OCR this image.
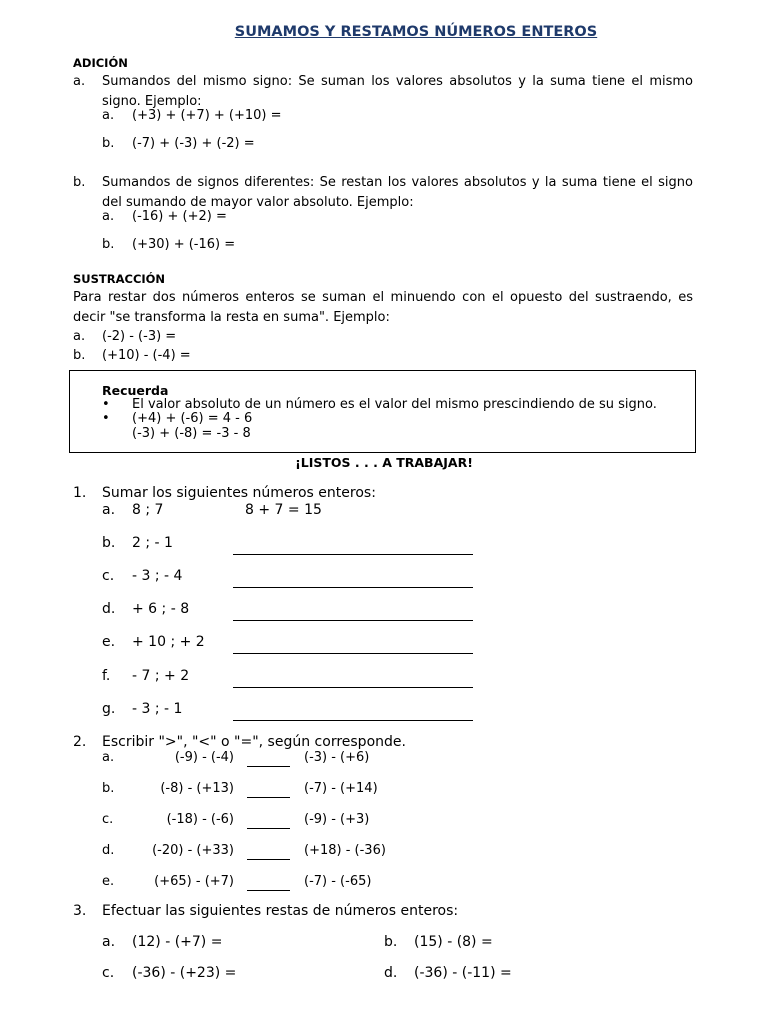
SUMAMOS Y RESTAMOS NÚMEROS ENTEROS
ADICIÓN
a. Sumandos del mismo signo: Se suman los valores absolutos y la suma tiene el mismo signo. Ejemplo:
a. (+3) + (+7) + (+10) =
b. (-7) + (-3) + (-2) =
b. Sumandos de signos diferentes: Se restan los valores absolutos y la suma tiene el signo del sumando de mayor valor absoluto. Ejemplo:
a. (-16) + (+2) =
b. (+30) + (-16) =
SUSTRACCIÓN
Para restar dos números enteros se suman el minuendo con el opuesto del sustraendo, es decir "se transforma la resta en suma". Ejemplo:
a. (-2) - (-3) =
b. (+10) - (-4) =
Recuerda
• El valor absoluto de un número es el valor del mismo prescindiendo de su signo.
• (+4) + (-6) = 4 - 6
(-3) + (-8) = -3 - 8
¡LISTOS . . . A TRABAJAR!
1. Sumar los siguientes números enteros:
a. 8 ; 7	8 + 7 = 15
b. 2 ; - 1
c. - 3 ; - 4
d. + 6 ; - 8
e. + 10 ; + 2
f. - 7 ; + 2
g. - 3 ; - 1
2. Escribir ">", "<" o "=", según corresponde.
a.	(-9) - (-4)	(-3) - (+6)
b.	(-8) - (+13)	(-7) - (+14)
c.	(-18) - (-6)	(-9) - (+3)
d.	(-20) - (+33)	(+18) - (-36)
e.	(+65) - (+7)	(-7) - (-65)
3. Efectuar las siguientes restas de números enteros:
a. (12) - (+7) =	b. (15) - (8) =
c. (-36) - (+23) =	d. (-36) - (-11) =
